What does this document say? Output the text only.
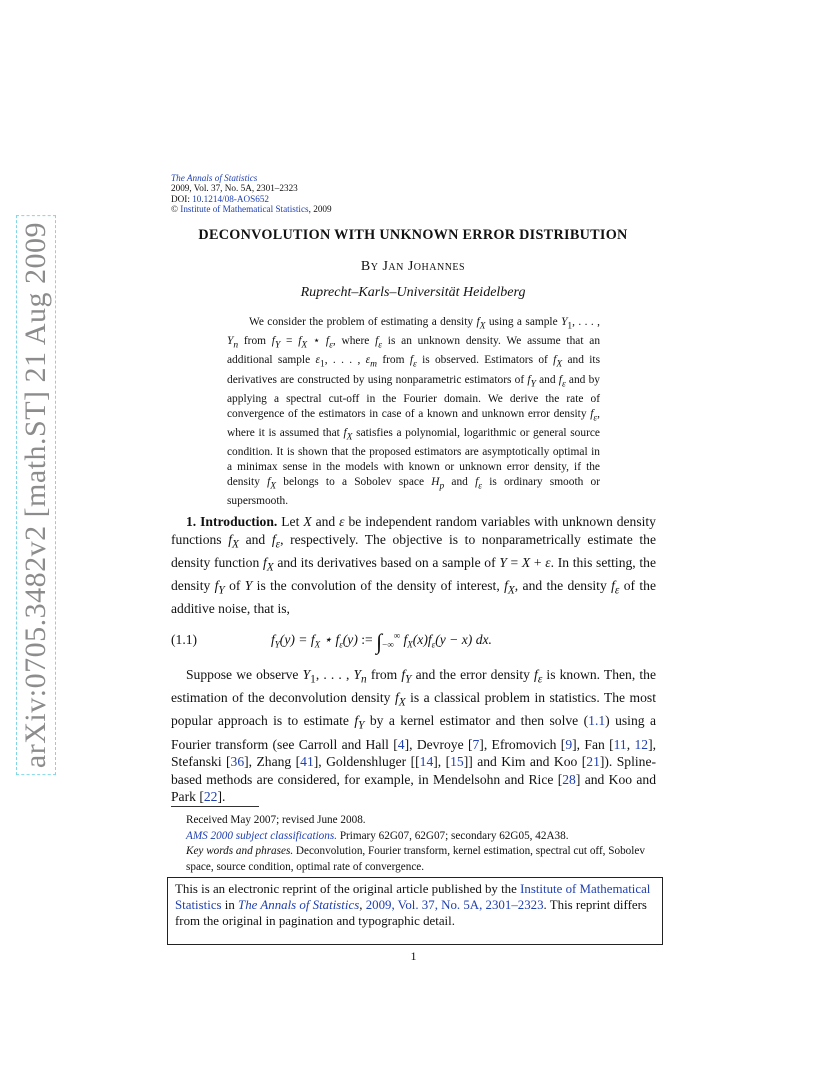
arXiv:0705.3482v2 [math.ST] 21 Aug 2009
The Annals of Statistics
2009, Vol. 37, No. 5A, 2301–2323
DOI: 10.1214/08-AOS652
© Institute of Mathematical Statistics, 2009
DECONVOLUTION WITH UNKNOWN ERROR DISTRIBUTION
By Jan Johannes
Ruprecht–Karls–Universität Heidelberg

We consider the problem of estimating a density $f_X$ using a sample $Y_1$, . . . , $Y_n$ from $f_Y = f_X$ ⋆ $f_\varepsilon$, where $f_\varepsilon$ is an unknown density. We assume that an additional sample $\varepsilon_1$, . . . , $\varepsilon_m$ from $f_\varepsilon$ is observed. Estimators of $f_X$ and its derivatives are constructed by using nonparametric estimators of $f_Y$ and $f_\varepsilon$ and by applying a spectral cut-off in the Fourier domain. We derive the rate of convergence of the estimators in case of a known and unknown error density $f_\varepsilon$, where it is assumed that $f_X$ satisfies a polynomial, logarithmic or general source condition. It is shown that the proposed estimators are asymptotically optimal in a minimax sense in the models with known or unknown error density, if the density $f_X$ belongs to a Sobolev space $H_p$ and $f_\varepsilon$ is ordinary smooth or supersmooth.

1. Introduction. Let X and ε be independent random variables with unknown density functions $f_X$ and $f_\varepsilon$, respectively. The objective is to nonparametrically estimate the density function $f_X$ and its derivatives based on a sample of Y = X + ε. In this setting, the density $f_Y$ of Y is the convolution of the density of interest, $f_X$, and the density $f_\varepsilon$ of the additive noise, that is,

(1.1)	$f_Y(y) = f_X$ ⋆ $f_\varepsilon(y)$ := $\int_{-\infty}^\infty$ $f_X(x)f_\varepsilon(y - x)$ dx.

Suppose we observe $Y_1$, . . . , $Y_n$ from $f_Y$ and the error density $f_\varepsilon$ is known. Then, the estimation of the deconvolution density $f_X$ is a classical problem in statistics. The most popular approach is to estimate $f_Y$ by a kernel estimator and then solve (1.1) using a Fourier transform (see Carroll and Hall [4], Devroye [7], Efromovich [9], Fan [11, 12], Stefanski [36], Zhang [41], Goldenshluger [[14], [15]] and Kim and Koo [21]). Spline-based methods are considered, for example, in Mendelsohn and Rice [28] and Koo and Park [22].

Received May 2007; revised June 2008.
AMS 2000 subject classifications. Primary 62G07, 62G07; secondary 62G05, 42A38.
Key words and phrases. Deconvolution, Fourier transform, kernel estimation, spectral cut off, Sobolev space, source condition, optimal rate of convergence.
This is an electronic reprint of the original article published by the Institute of Mathematical Statistics in The Annals of Statistics, 2009, Vol. 37, No. 5A, 2301–2323. This reprint differs from the original in pagination and typographic detail.
1
